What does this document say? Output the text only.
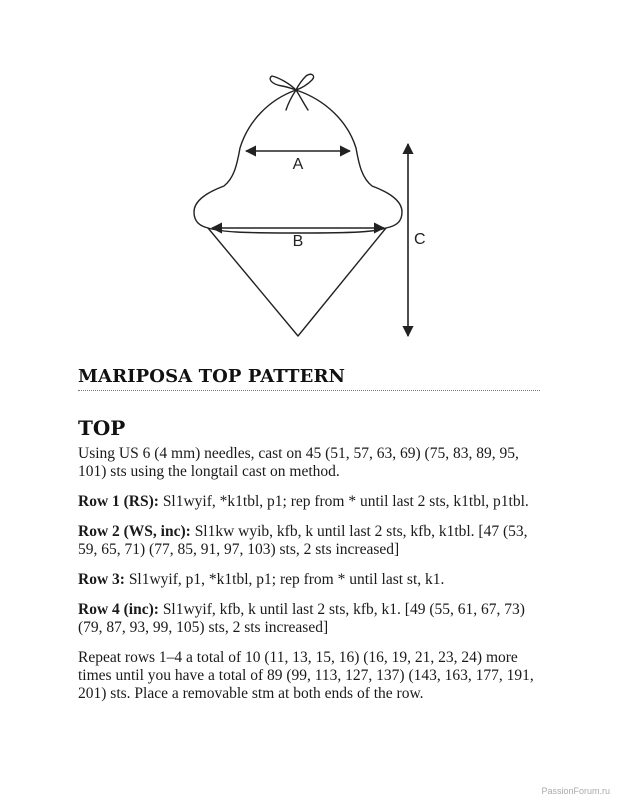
A
B	C
MARIPOSA TOP PATTERN
TOP

Using US 6 (4 mm) needles, cast on 45 (51, 57, 63, 69) (75, 83, 89, 95, 101) sts using the longtail cast on method.

Row 1 (RS): Sl1wyif, *k1tbl, p1; rep from * until last 2 sts, k1tbl, p1tbl.

Row 2 (WS, inc): Sl1kw wyib, kfb, k until last 2 sts, kfb, k1tbl. [47 (53, 59, 65, 71) (77, 85, 91, 97, 103) sts, 2 sts increased]

Row 3: Sl1wyif, p1, *k1tbl, p1; rep from * until last st, k1.

Row 4 (inc): Sl1wyif, kfb, k until last 2 sts, kfb, k1. [49 (55, 61, 67, 73) (79, 87, 93, 99, 105) sts, 2 sts increased]

Repeat rows 1–4 a total of 10 (11, 13, 15, 16) (16, 19, 21, 23, 24) more times until you have a total of 89 (99, 113, 127, 137) (143, 163, 177, 191, 201) sts. Place a removable stm at both ends of the row.

PassionForum.ru
